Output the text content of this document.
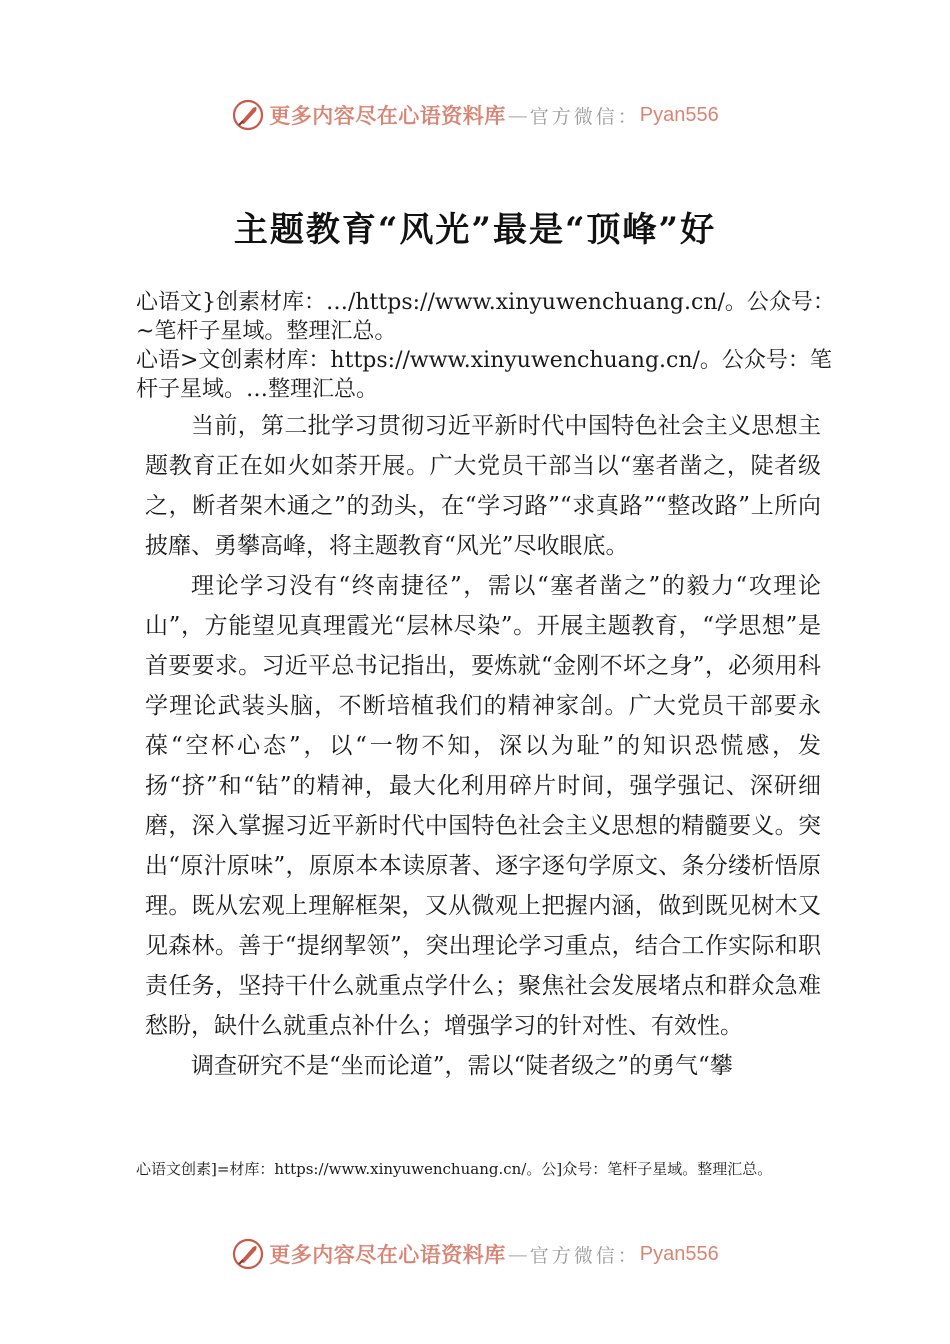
更多内容尽在心语资料库 — 官方微信： Pyan556
主题教育“风光”最是“顶峰”好
心语文}创素材库：…/https://www.xinyuwenchuang.cn/。公众号：~笔杆子星域。整理汇总。
心语>文创素材库：https://www.xinyuwenchuang.cn/。公众号：笔杆子星域。…整理汇总。

当前，第二批学习贯彻习近平新时代中国特色社会主义思想主题教育正在如火如荼开展。广大党员干部当以“塞者凿之，陡者级之，断者架木通之”的劲头，在“学习路”“求真路”“整改路”上所向披靡、勇攀高峰，将主题教育“风光”尽收眼底。

理论学习没有“终南捷径”，需以“塞者凿之”的毅力“攻理论山”，方能望见真理霞光“层林尽染”。开展主题教育，“学思想”是首要要求。习近平总书记指出，要炼就“金刚不坏之身”，必须用科学理论武装头脑，不断培植我们的精神家㓣。广大党员干部要永葆“空杯心态”，以“一物不知，深以为耻”的知识恐慌感，发扬“挤”和“钻”的精神，最大化利用碎片时间，强学强记、深研细磨，深入掌握习近平新时代中国特色社会主义思想的精髓要义。突出“原汁原味”，原原本本读原著、逐字逐句学原文、条分缕析悟原理。既从宏观上理解框架，又从微观上把握内涵，做到既见树木又见森林。善于“提纲挈领”，突出理论学习重点，结合工作实际和职责任务，坚持干什么就重点学什么；聚焦社会发展堵点和群众急难愁盼，缺什么就重点补什么；增强学习的针对性、有效性。

调查研究不是“坐而论道”，需以“陡者级之”的勇气“攀

心语文创素]=材库：https://www.xinyuwenchuang.cn/。公]众号：笔杆子星域。整理汇总。
更多内容尽在心语资料库 — 官方微信： Pyan556
